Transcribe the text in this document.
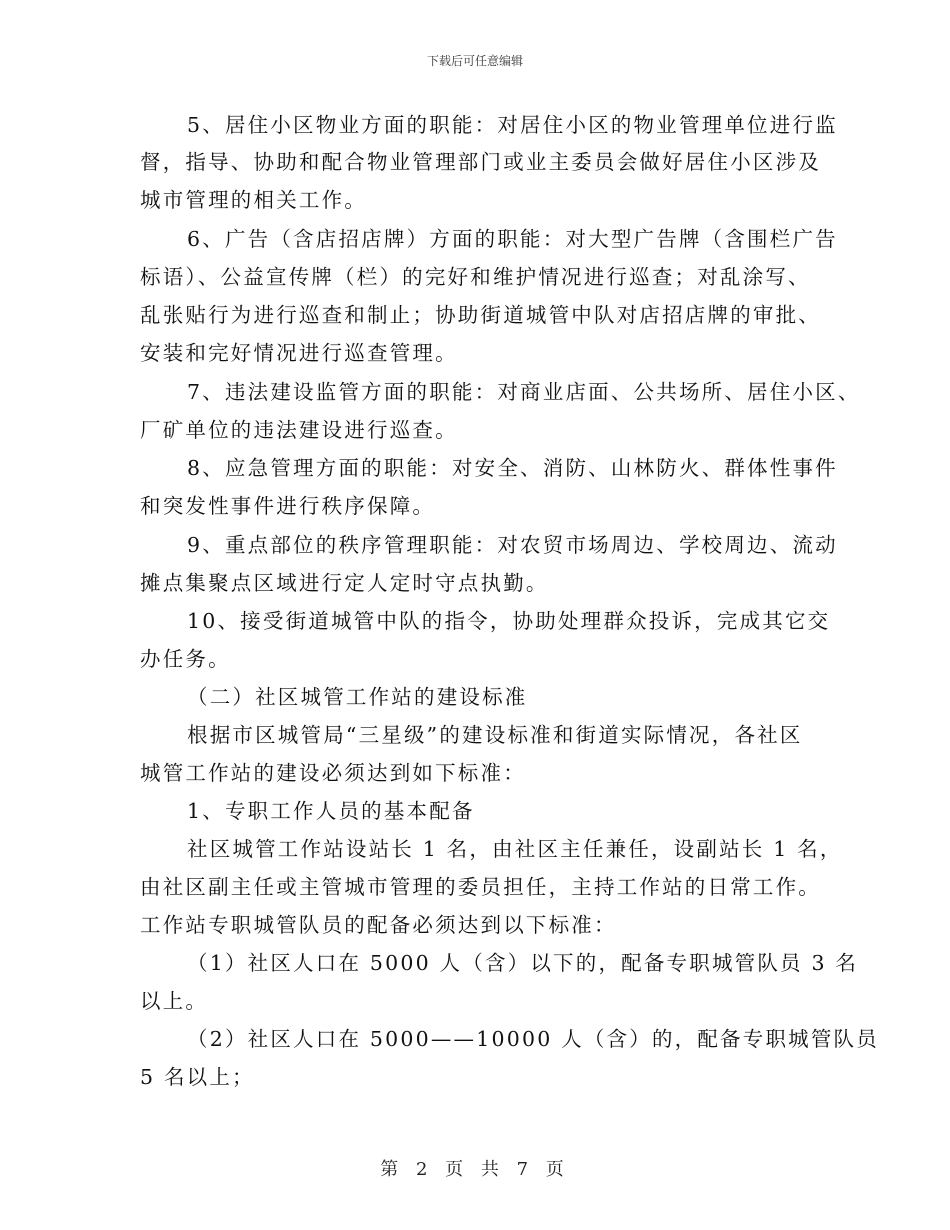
下载后可任意编辑
5、居住小区物业方面的职能：对居住小区的物业管理单位进行监
督，指导、协助和配合物业管理部门或业主委员会做好居住小区涉及
城市管理的相关工作。
6、广告（含店招店牌）方面的职能：对大型广告牌（含围栏广告
标语）、公益宣传牌（栏）的完好和维护情况进行巡查；对乱涂写、
乱张贴行为进行巡查和制止；协助街道城管中队对店招店牌的审批、
安装和完好情况进行巡查管理。
7、违法建设监管方面的职能：对商业店面、公共场所、居住小区、
厂矿单位的违法建设进行巡查。
8、应急管理方面的职能：对安全、消防、山林防火、群体性事件
和突发性事件进行秩序保障。
9、重点部位的秩序管理职能：对农贸市场周边、学校周边、流动
摊点集聚点区域进行定人定时守点执勤。
10、接受街道城管中队的指令，协助处理群众投诉，完成其它交
办任务。
（二）社区城管工作站的建设标准
根据市区城管局“三星级”的建设标准和街道实际情况，各社区
城管工作站的建设必须达到如下标准：
1、专职工作人员的基本配备
社区城管工作站设站长 1 名，由社区主任兼任，设副站长 1 名，
由社区副主任或主管城市管理的委员担任，主持工作站的日常工作。
工作站专职城管队员的配备必须达到以下标准：
（1）社区人口在 5000 人（含）以下的，配备专职城管队员 3 名
以上。
（2）社区人口在 5000——10000 人（含）的，配备专职城管队员
5 名以上；
第 2 页 共 7 页
